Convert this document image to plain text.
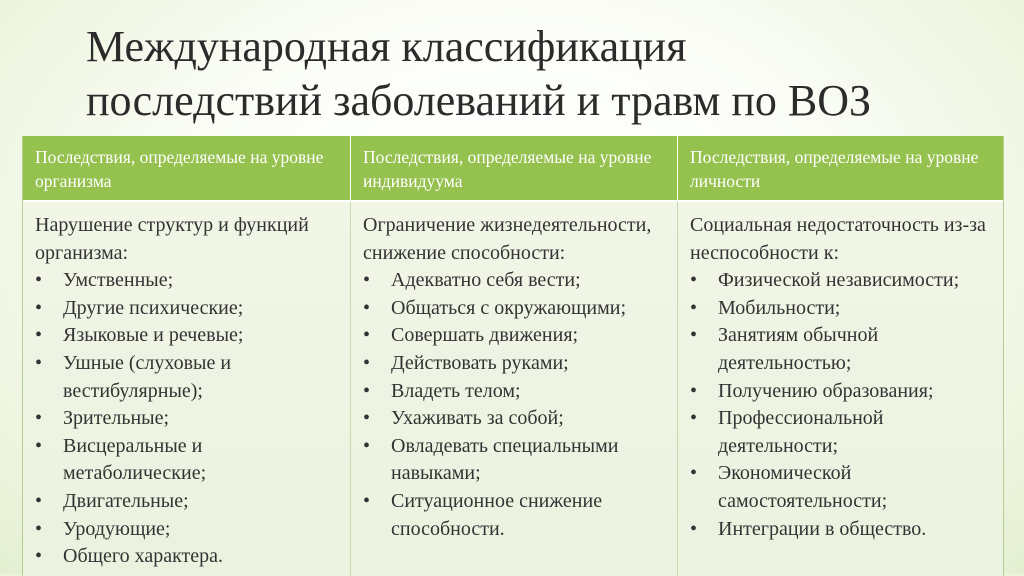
Международная классификация
последствий заболеваний и травм по ВОЗ
Последствия, определяемые на уровне организма
Последствия, определяемые на уровне индивидуума
Последствия, определяемые на уровне личности
Нарушение структур и функций организма:
• Умственные;
• Другие психические;
• Языковые и речевые;
• Ушные (слуховые и вестибулярные);
• Зрительные;
• Висцеральные и метаболические;
• Двигательные;
• Уродующие;
• Общего характера.
Ограничение жизнедеятельности, снижение способности:
• Адекватно себя вести;
• Общаться с окружающими;
• Совершать движения;
• Действовать руками;
• Владеть телом;
• Ухаживать за собой;
• Овладевать специальными навыками;
• Ситуационное снижение способности.
Социальная недостаточность из-за неспособности к:
• Физической независимости;
• Мобильности;
• Занятиям обычной деятельностью;
• Получению образования;
• Профессиональной деятельности;
• Экономической самостоятельности;
• Интеграции в общество.
